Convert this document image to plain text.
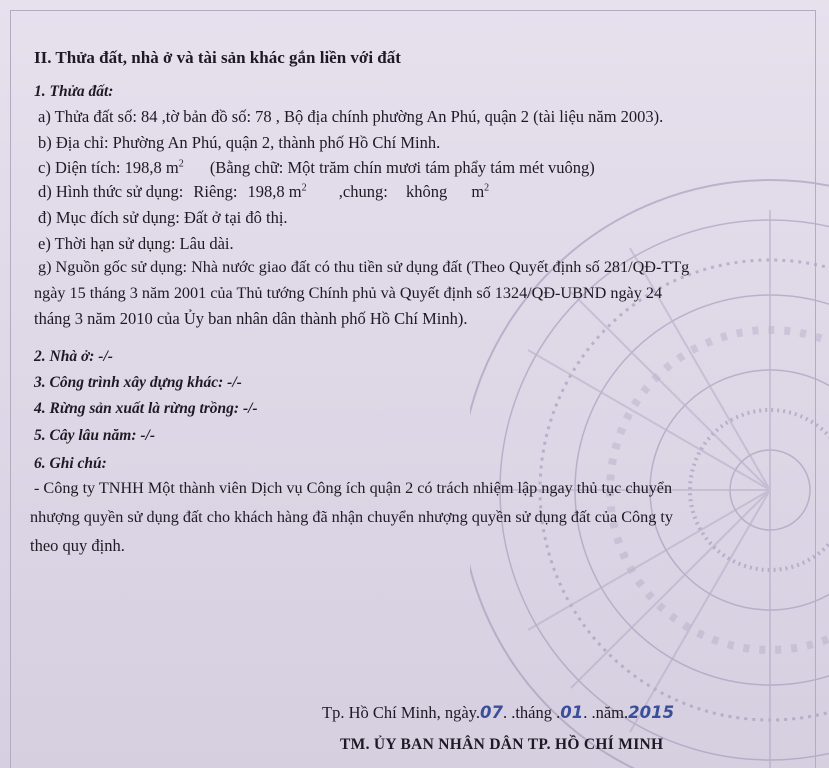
II. Thửa đất, nhà ở và tài sản khác gắn liền với đất
1. Thửa đất:
a) Thửa đất số: 84 ,tờ bản đồ số: 78 , Bộ địa chính phường An Phú, quận 2 (tài liệu năm 2003).
b) Địa chỉ: Phường An Phú, quận 2, thành phố Hồ Chí Minh.
c) Diện tích: 198,8 $m^2$ (Bằng chữ: Một trăm chín mươi tám phẩy tám mét vuông)
d) Hình thức sử dụng: Riêng: 198,8 $m^2$ ,chung: không $m^2$
đ) Mục đích sử dụng: Đất ở tại đô thị.
e) Thời hạn sử dụng: Lâu dài.
g) Nguồn gốc sử dụng: Nhà nước giao đất có thu tiền sử dụng đất (Theo Quyết định số 281/QĐ-TTg
ngày 15 tháng 3 năm 2001 của Thủ tướng Chính phủ và Quyết định số 1324/QĐ-UBND ngày 24
tháng 3 năm 2010 của Ủy ban nhân dân thành phố Hồ Chí Minh).
2. Nhà ở: -/-
3. Công trình xây dựng khác: -/-
4. Rừng sản xuất là rừng trồng: -/-
5. Cây lâu năm: -/-
6. Ghi chú:
- Công ty TNHH Một thành viên Dịch vụ Công ích quận 2 có trách nhiệm lập ngay thủ tục chuyển
nhượng quyền sử dụng đất cho khách hàng đã nhận chuyển nhượng quyền sử dụng đất của Công ty
theo quy định.
Tp. Hồ Chí Minh, ngày.07. .tháng .01. .năm.2015
TM. ỦY BAN NHÂN DÂN TP. HỒ CHÍ MINH
